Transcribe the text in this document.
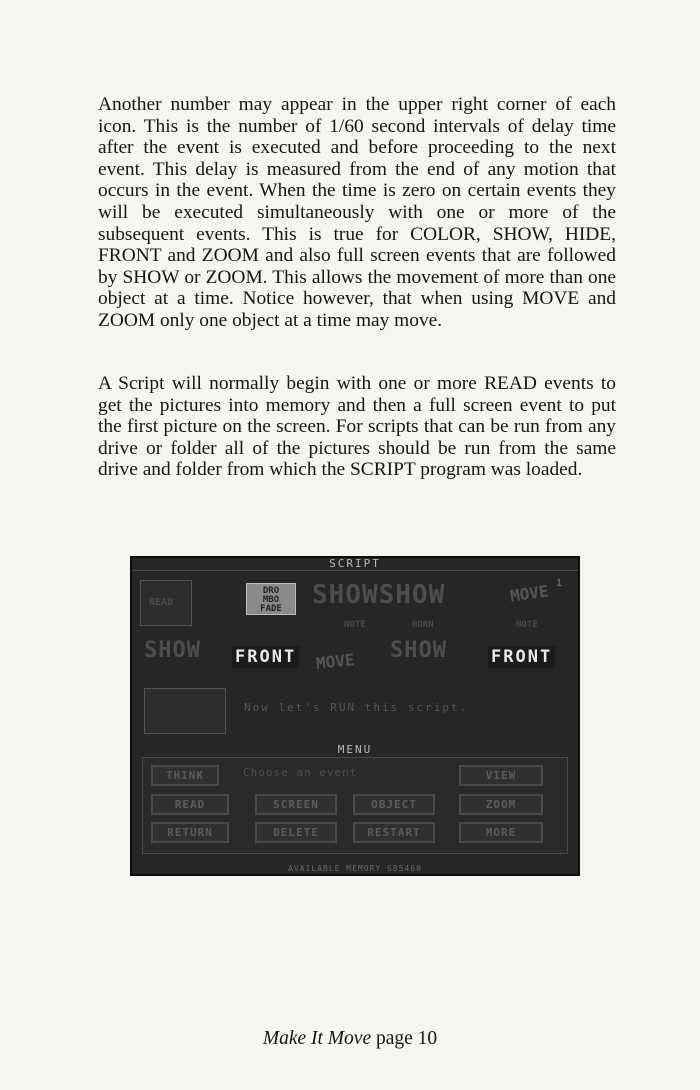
Another number may appear in the upper right corner of each icon. This is the number of 1/60 second intervals of delay time after the event is executed and before proceeding to the next event. This delay is measured from the end of any motion that occurs in the event. When the time is zero on certain events they will be executed simultaneously with one or more of the subsequent events. This is true for COLOR, SHOW, HIDE, FRONT and ZOOM and also full screen events that are followed by SHOW or ZOOM. This allows the movement of more than one object at a time. Notice however, that when using MOVE and ZOOM only one object at a time may move.

A Script will normally begin with one or more READ events to get the pictures into memory and then a full screen event to put the first picture on the screen. For scripts that can be run from any drive or folder all of the pictures should be run from the same drive and folder from which the SCRIPT program was loaded.

SCRIPT
READ
DRO
MBO
FADE	SHOWSHOW	MOVE 1
NOTE	HORN	NOTE
SHOW FRONT MOVE SHOW	FRONT
Now let's RUN this script.
MENU
THINK	Choose an event	VIEW
READ	SCREEN	OBJECT	ZOOM
RETURN	DELETE	RESTART	MORE
AVAILABLE MEMORY 685460
Make It Move page 10
